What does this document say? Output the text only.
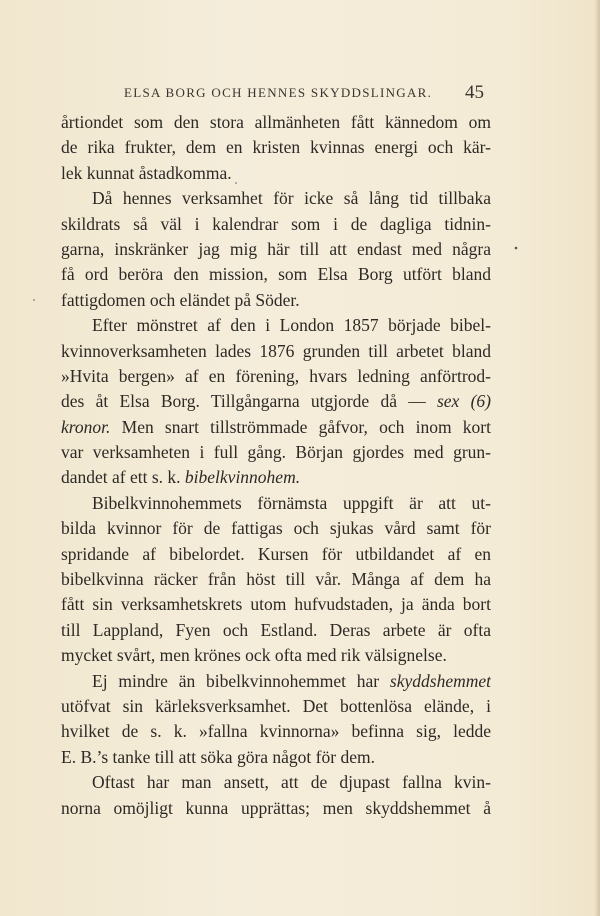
ELSA BORG OCH HENNES SKYDDSLINGAR. 45
årtiondet som den stora allmänheten fått kännedom om
de rika frukter, dem en kristen kvinnas energi och kär-
lek kunnat åstadkomma.
Då hennes verksamhet för icke så lång tid tillbaka
skildrats så väl i kalendrar som i de dagliga tidnin-
garna, inskränker jag mig här till att endast med några
få ord beröra den mission, som Elsa Borg utfört bland
fattigdomen och eländet på Söder.
Efter mönstret af den i London 1857 började bibel-
kvinnoverksamheten lades 1876 grunden till arbetet bland
»Hvita bergen» af en förening, hvars ledning anförtrod-
des åt Elsa Borg. Tillgångarna utgjorde då — sex (6)
kronor. Men snart tillströmmade gåfvor, och inom kort
var verksamheten i full gång. Början gjordes med grun-
dandet af ett s. k. bibelkvinnohem.
Bibelkvinnohemmets förnämsta uppgift är att ut-
bilda kvinnor för de fattigas och sjukas vård samt för
spridande af bibelordet. Kursen för utbildandet af en
bibelkvinna räcker från höst till vår. Många af dem ha
fått sin verksamhetskrets utom hufvudstaden, ja ända bort
till Lappland, Fyen och Estland. Deras arbete är ofta
mycket svårt, men krönes ock ofta med rik välsignelse.
Ej mindre än bibelkvinnohemmet har skyddshemmet
utöfvat sin kärleksverksamhet. Det bottenlösa elände, i
hvilket de s. k. »fallna kvinnorna» befinna sig, ledde
E. B.’s tanke till att söka göra något för dem.
Oftast har man ansett, att de djupast fallna kvin-
norna omöjligt kunna upprättas; men skyddshemmet å
